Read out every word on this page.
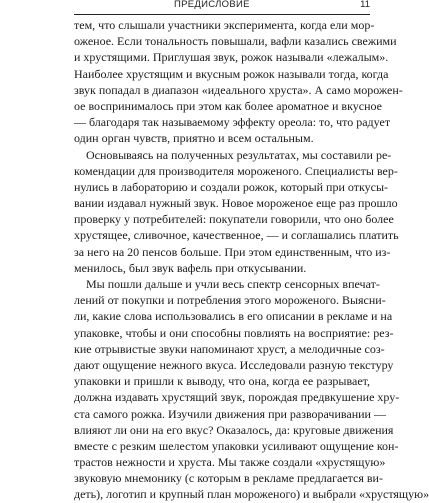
ПРЕДИСЛОВИЕ	11
тем, что слышали участники эксперимента, когда ели мор-
оженое. Если тональность повышали, вафли казались свежими
и хрустящими. Приглушая звук, рожок называли «лежалым».
Наиболее хрустящим и вкусным рожок называли тогда, когда
звук попадал в диапазон «идеального хруста». А само морожен-
ое воспринималось при этом как более ароматное и вкусное
— благодаря так называемому эффекту ореола: то, что радует
один орган чувств, приятно и всем остальным.
Основываясь на полученных результатах, мы составили ре-
комендации для производителя мороженого. Специалисты вер-
нулись в лабораторию и создали рожок, который при откусы-
вании издавал нужный звук. Новое мороженое еще раз прошло
проверку у потребителей: покупатели говорили, что оно более
хрустящее, сливочное, качественное, — и соглашались платить
за него на 20 пенсов больше. При этом единственным, что из-
менилось, был звук вафель при откусывании.
Мы пошли дальше и учли весь спектр сенсорных впечат-
лений от покупки и потребления этого мороженого. Выясни-
ли, какие слова использовались в его описании в рекламе и на
упаковке, чтобы и они способны повлиять на восприятие: рез-
кие отрывистые звуки напоминают хруст, а мелодичные соз-
дают ощущение нежного вкуса. Исследовали разную текстуру
упаковки и пришли к выводу, что она, когда ее разрывает,
должна издавать хрустящий звук, порождая предвкушение хру-
ста самого рожка. Изучили движения при разворачивании —
влияют ли они на его вкус? Оказалось, да: круговые движения
вместе с резким шелестом упаковки усиливают ощущение кон-
трастов нежности и хруста. Мы также создали «хрустящую»
звуковую мнемонику (с которым в рекламе предлагается ви-
деть), логотип и крупный план мороженого) и выбрали «хрустящую»
